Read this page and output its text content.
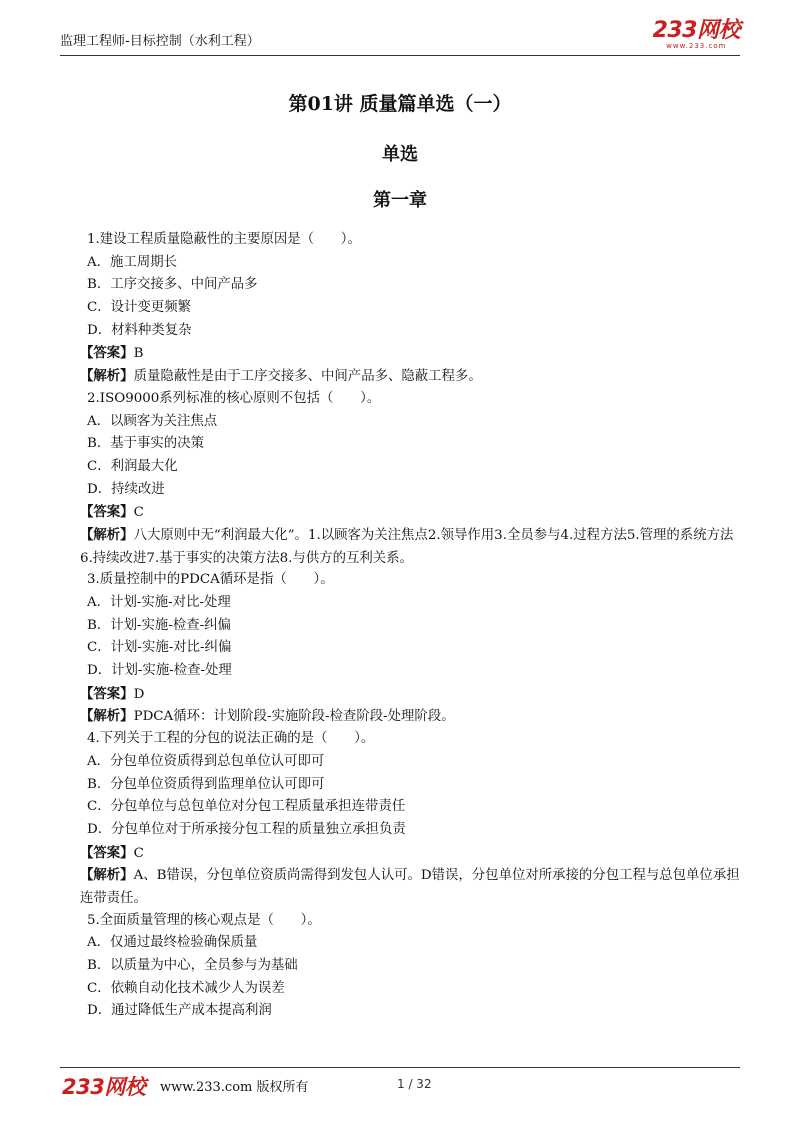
监理工程师-目标控制（水利工程）	233网校
www.233.com
第01讲 质量篇单选（一）
单选
第一章
1.建设工程质量隐蔽性的主要原因是（　　）。
A．施工周期长
B．工序交接多、中间产品多
C．设计变更频繁
D．材料种类复杂
【答案】B
【解析】质量隐蔽性是由于工序交接多、中间产品多、隐蔽工程多。
2.ISO9000系列标准的核心原则不包括（　　）。
A．以顾客为关注焦点
B．基于事实的决策
C．利润最大化
D．持续改进
【答案】C
【解析】八大原则中无“利润最大化”。1.以顾客为关注焦点2.领导作用3.全员参与4.过程方法5.管理的系统方法6.持续改进7.基于事实的决策方法8.与供方的互利关系。
3.质量控制中的PDCA循环是指（　　）。
A．计划-实施-对比-处理
B．计划-实施-检查-纠偏
C．计划-实施-对比-纠偏
D．计划-实施-检查-处理
【答案】D
【解析】PDCA循环：计划阶段-实施阶段-检查阶段-处理阶段。
4.下列关于工程的分包的说法正确的是（　　）。
A．分包单位资质得到总包单位认可即可
B．分包单位资质得到监理单位认可即可
C．分包单位与总包单位对分包工程质量承担连带责任
D．分包单位对于所承接分包工程的质量独立承担负责
【答案】C
【解析】A、B错误，分包单位资质尚需得到发包人认可。D错误，分包单位对所承接的分包工程与总包单位承担连带责任。
5.全面质量管理的核心观点是（　　）。
A．仅通过最终检验确保质量
B．以质量为中心，全员参与为基础
C．依赖自动化技术减少人为误差
D．通过降低生产成本提高利润
233网校 www.233.com 版权所有	1 / 32
